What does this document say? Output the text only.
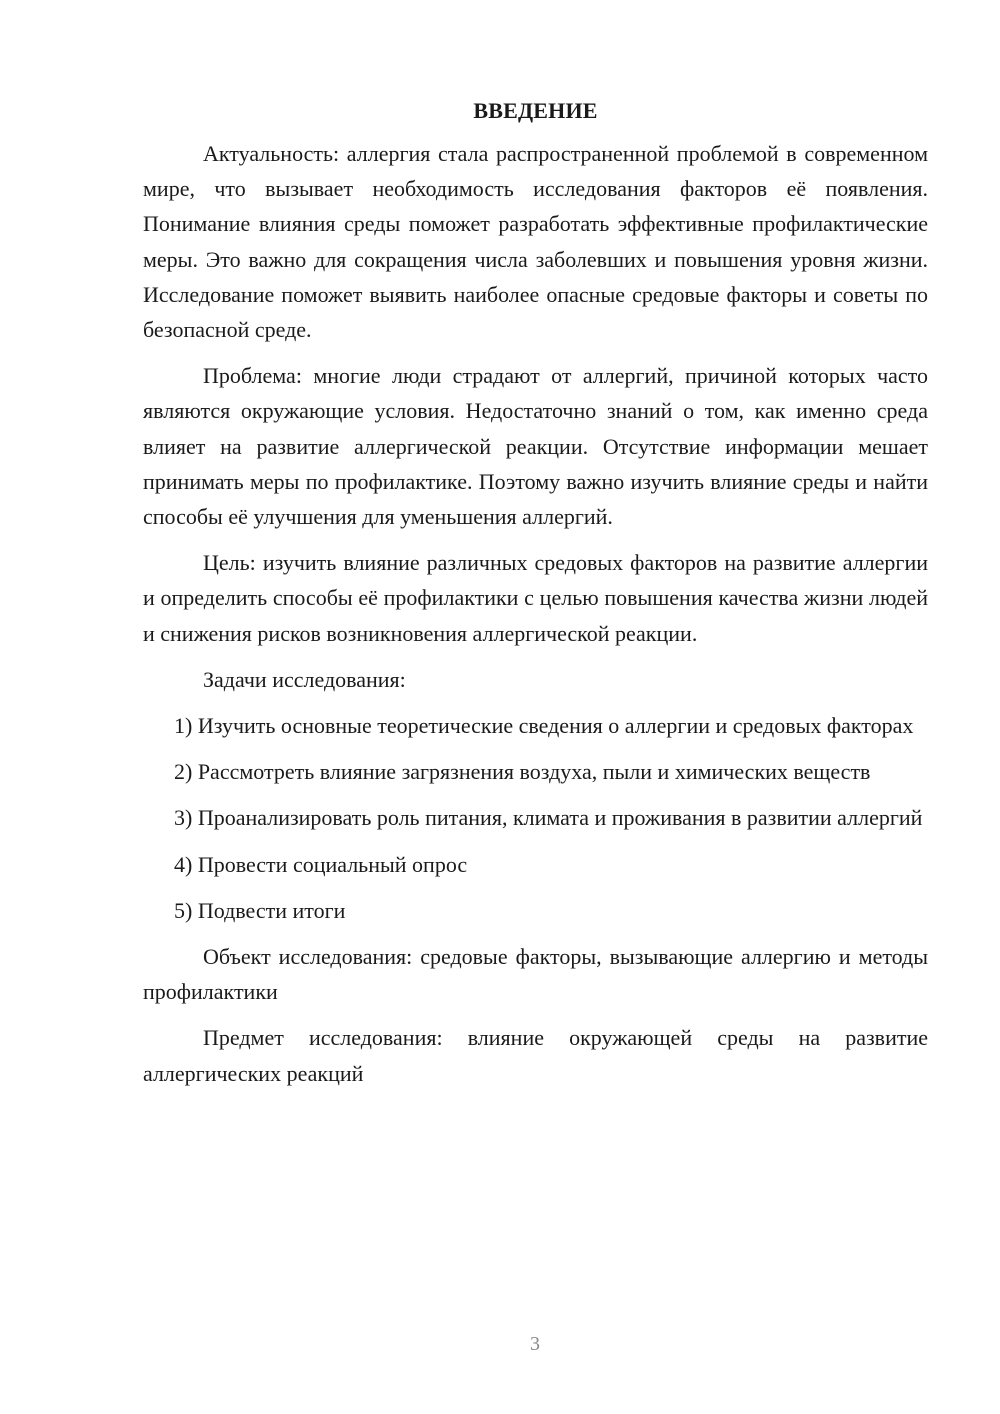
ВВЕДЕНИЕ

Актуальность: аллергия стала распространенной проблемой в современном мире, что вызывает необходимость исследования факторов её появления. Понимание влияния среды поможет разработать эффективные профилактические меры. Это важно для сокращения числа заболевших и повышения уровня жизни. Исследование поможет выявить наиболее опасные средовые факторы и советы по безопасной среде.

Проблема: многие люди страдают от аллергий, причиной которых часто являются окружающие условия. Недостаточно знаний о том, как именно среда влияет на развитие аллергической реакции. Отсутствие информации мешает принимать меры по профилактике. Поэтому важно изучить влияние среды и найти способы её улучшения для уменьшения аллергий.

Цель: изучить влияние различных средовых факторов на развитие аллергии и определить способы её профилактики с целью повышения качества жизни людей и снижения рисков возникновения аллергической реакции.

Задачи исследования:

1) Изучить основные теоретические сведения о аллергии и средовых факторах

2) Рассмотреть влияние загрязнения воздуха, пыли и химических веществ

3) Проанализировать роль питания, климата и проживания в развитии аллергий

4) Провести социальный опрос

5) Подвести итоги

Объект исследования: средовые факторы, вызывающие аллергию и методы профилактики

Предмет исследования: влияние окружающей среды на развитие аллергических реакций

3
